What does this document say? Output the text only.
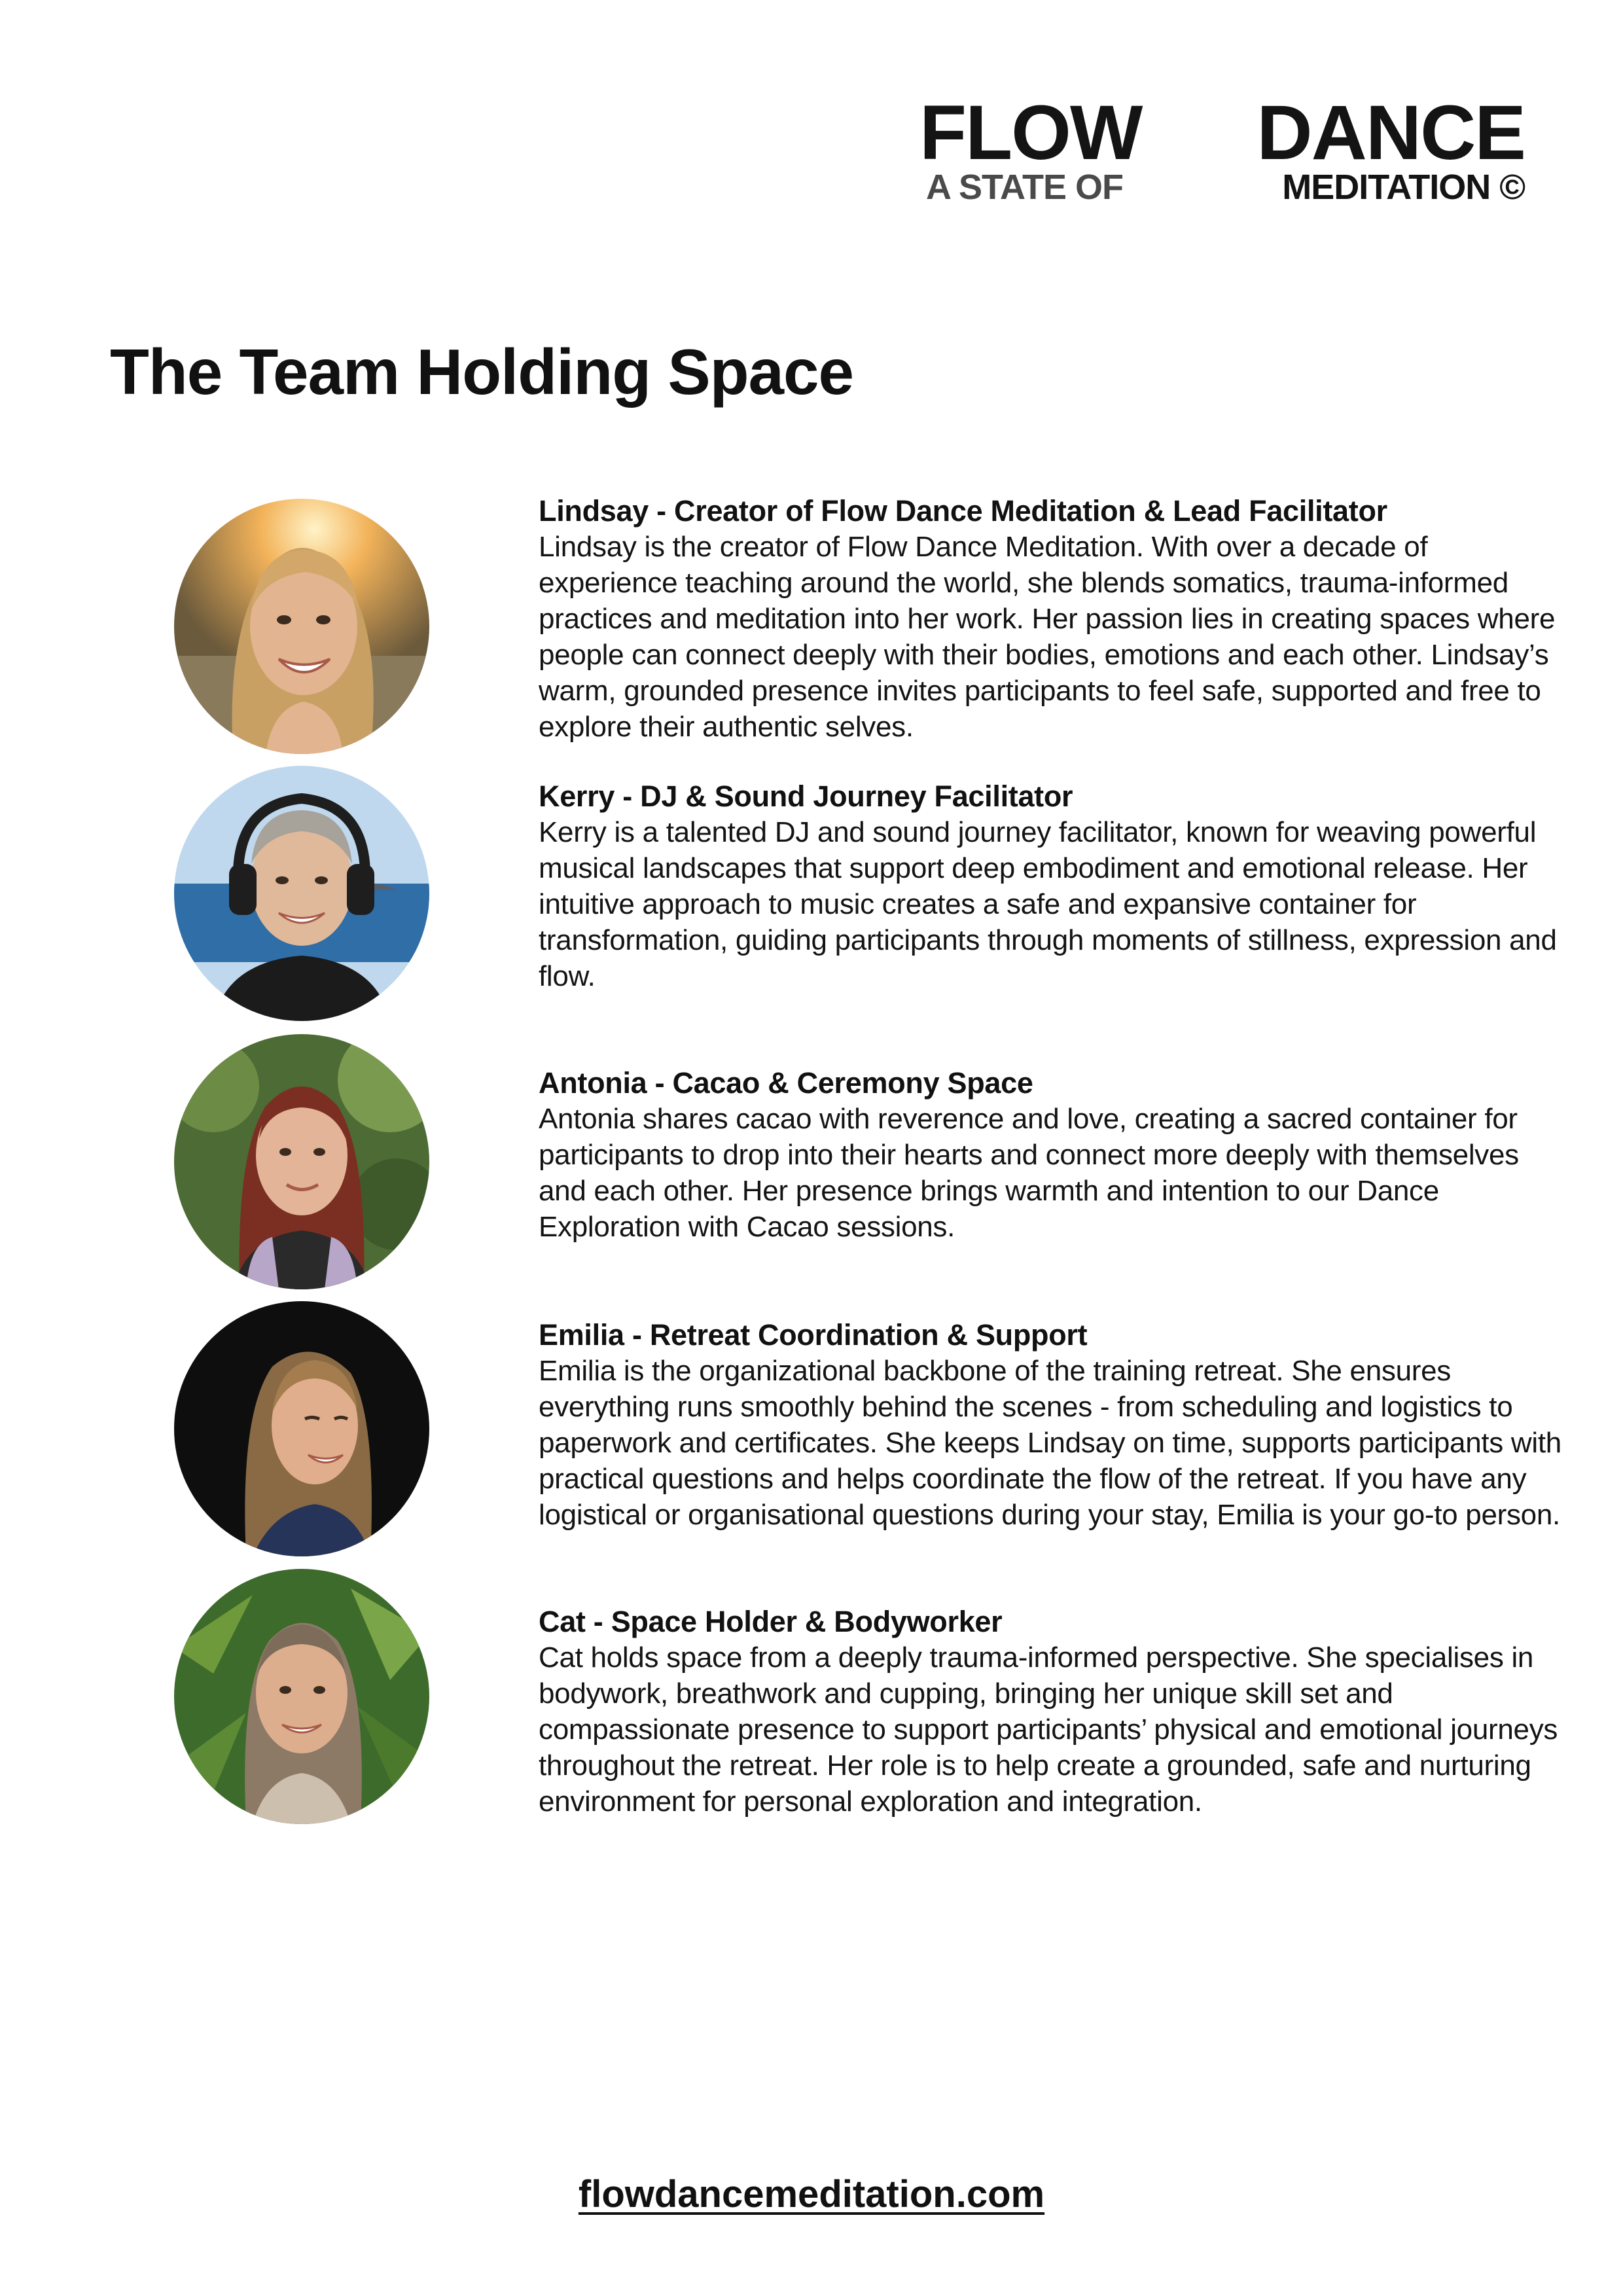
FLOW DANCE
A STATE OF	MEDITATION ©
The Team Holding Space

Lindsay - Creator of Flow Dance Meditation & Lead Facilitator

Lindsay is the creator of Flow Dance Meditation. With over a decade of experience teaching around the world, she blends somatics, trauma-informed practices and meditation into her work. Her passion lies in creating spaces where people can connect deeply with their bodies, emotions and each other. Lindsay’s warm, grounded presence invites participants to feel safe, supported and free to explore their authentic selves.

Kerry - DJ & Sound Journey Facilitator

Kerry is a talented DJ and sound journey facilitator, known for weaving powerful musical landscapes that support deep embodiment and emotional release. Her intuitive approach to music creates a safe and expansive container for transformation, guiding participants through moments of stillness, expression and flow.

Antonia - Cacao & Ceremony Space

Antonia shares cacao with reverence and love, creating a sacred container for participants to drop into their hearts and connect more deeply with themselves and each other. Her presence brings warmth and intention to our Dance Exploration with Cacao sessions.

Emilia - Retreat Coordination & Support

Emilia is the organizational backbone of the training retreat. She ensures everything runs smoothly behind the scenes - from scheduling and logistics to paperwork and certificates. She keeps Lindsay on time, supports participants with practical questions and helps coordinate the flow of the retreat. If you have any logistical or organisational questions during your stay, Emilia is your go-to person.

Cat - Space Holder & Bodyworker

Cat holds space from a deeply trauma-informed perspective. She specialises in bodywork, breathwork and cupping, bringing her unique skill set and compassionate presence to support participants’ physical and emotional journeys throughout the retreat. Her role is to help create a grounded, safe and nurturing environment for personal exploration and integration.

flowdancemeditation.com
